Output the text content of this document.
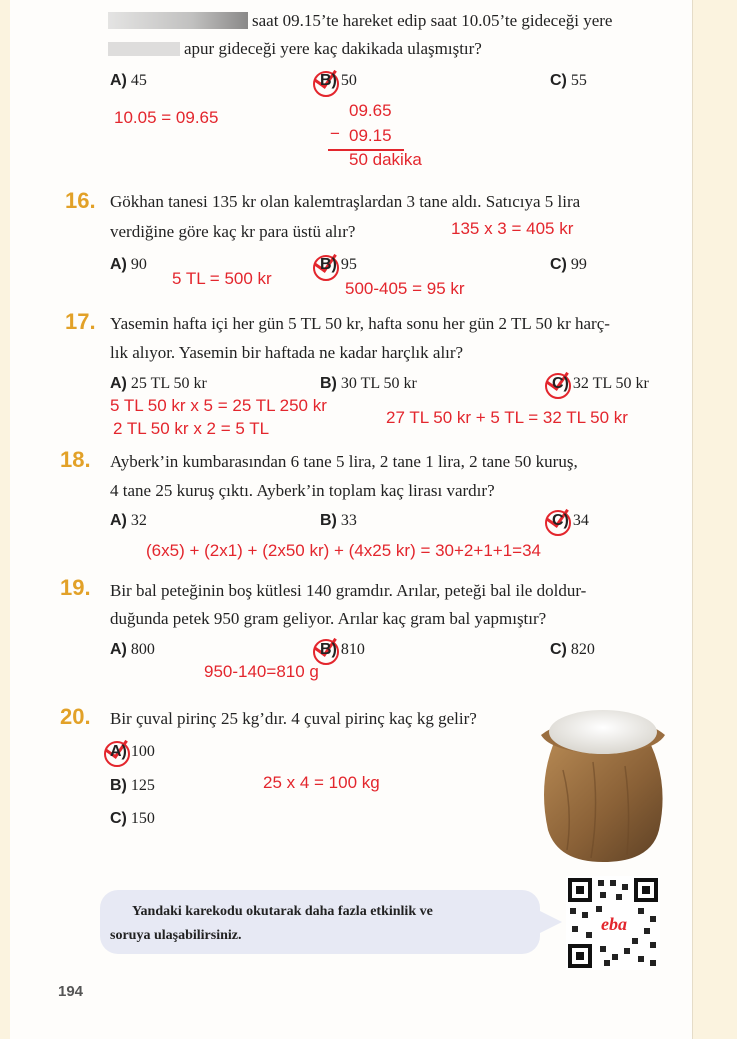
saat 09.15’te hareket edip saat 10.05’te gideceği yere
apur gideceği yere kaç dakikada ulaşmıştır?
A) 45	B) 50	C) 55
10.05 = 09.65	09.65
− 09.15
50 dakika
16. Gökhan tanesi 135 kr olan kalemtraşlardan 3 tane aldı. Satıcıya 5 lira
verdiğine göre kaç kr para üstü alır?	135 x 3 = 405 kr
A) 90
5 TL = 500 kr
B) 95
500-405 = 95 kr
C) 99
17. Yasemin hafta içi her gün 5 TL 50 kr, hafta sonu her gün 2 TL 50 kr harç-
lık alıyor. Yasemin bir haftada ne kadar harçlık alır?
A) 25 TL 50 kr	B) 30 TL 50 kr	C) 32 TL 50 kr
5 TL 50 kr x 5 = 25 TL 250 kr
2 TL 50 kr x 2 = 5 TL
27 TL 50 kr + 5 TL = 32 TL 50 kr
18. Ayberk’in kumbarasından 6 tane 5 lira, 2 tane 1 lira, 2 tane 50 kuruş,
4 tane 25 kuruş çıktı. Ayberk’in toplam kaç lirası vardır?
A) 32	B) 33	C) 34
(6x5) + (2x1) + (2x50 kr) + (4x25 kr) = 30+2+1+1=34
19. Bir bal peteğinin boş kütlesi 140 gramdır. Arılar, peteği bal ile doldur-
duğunda petek 950 gram geliyor. Arılar kaç gram bal yapmıştır?
A) 800	B) 810	C) 820
950-140=810 g
20. Bir çuval pirinç 25 kg’dır. 4 çuval pirinç kaç kg gelir?
A) 100
B) 125
C) 150
25 x 4 = 100 kg
Yandaki karekodu okutarak daha fazla etkinlik ve
soruya ulaşabilirsiniz.
eba
194
